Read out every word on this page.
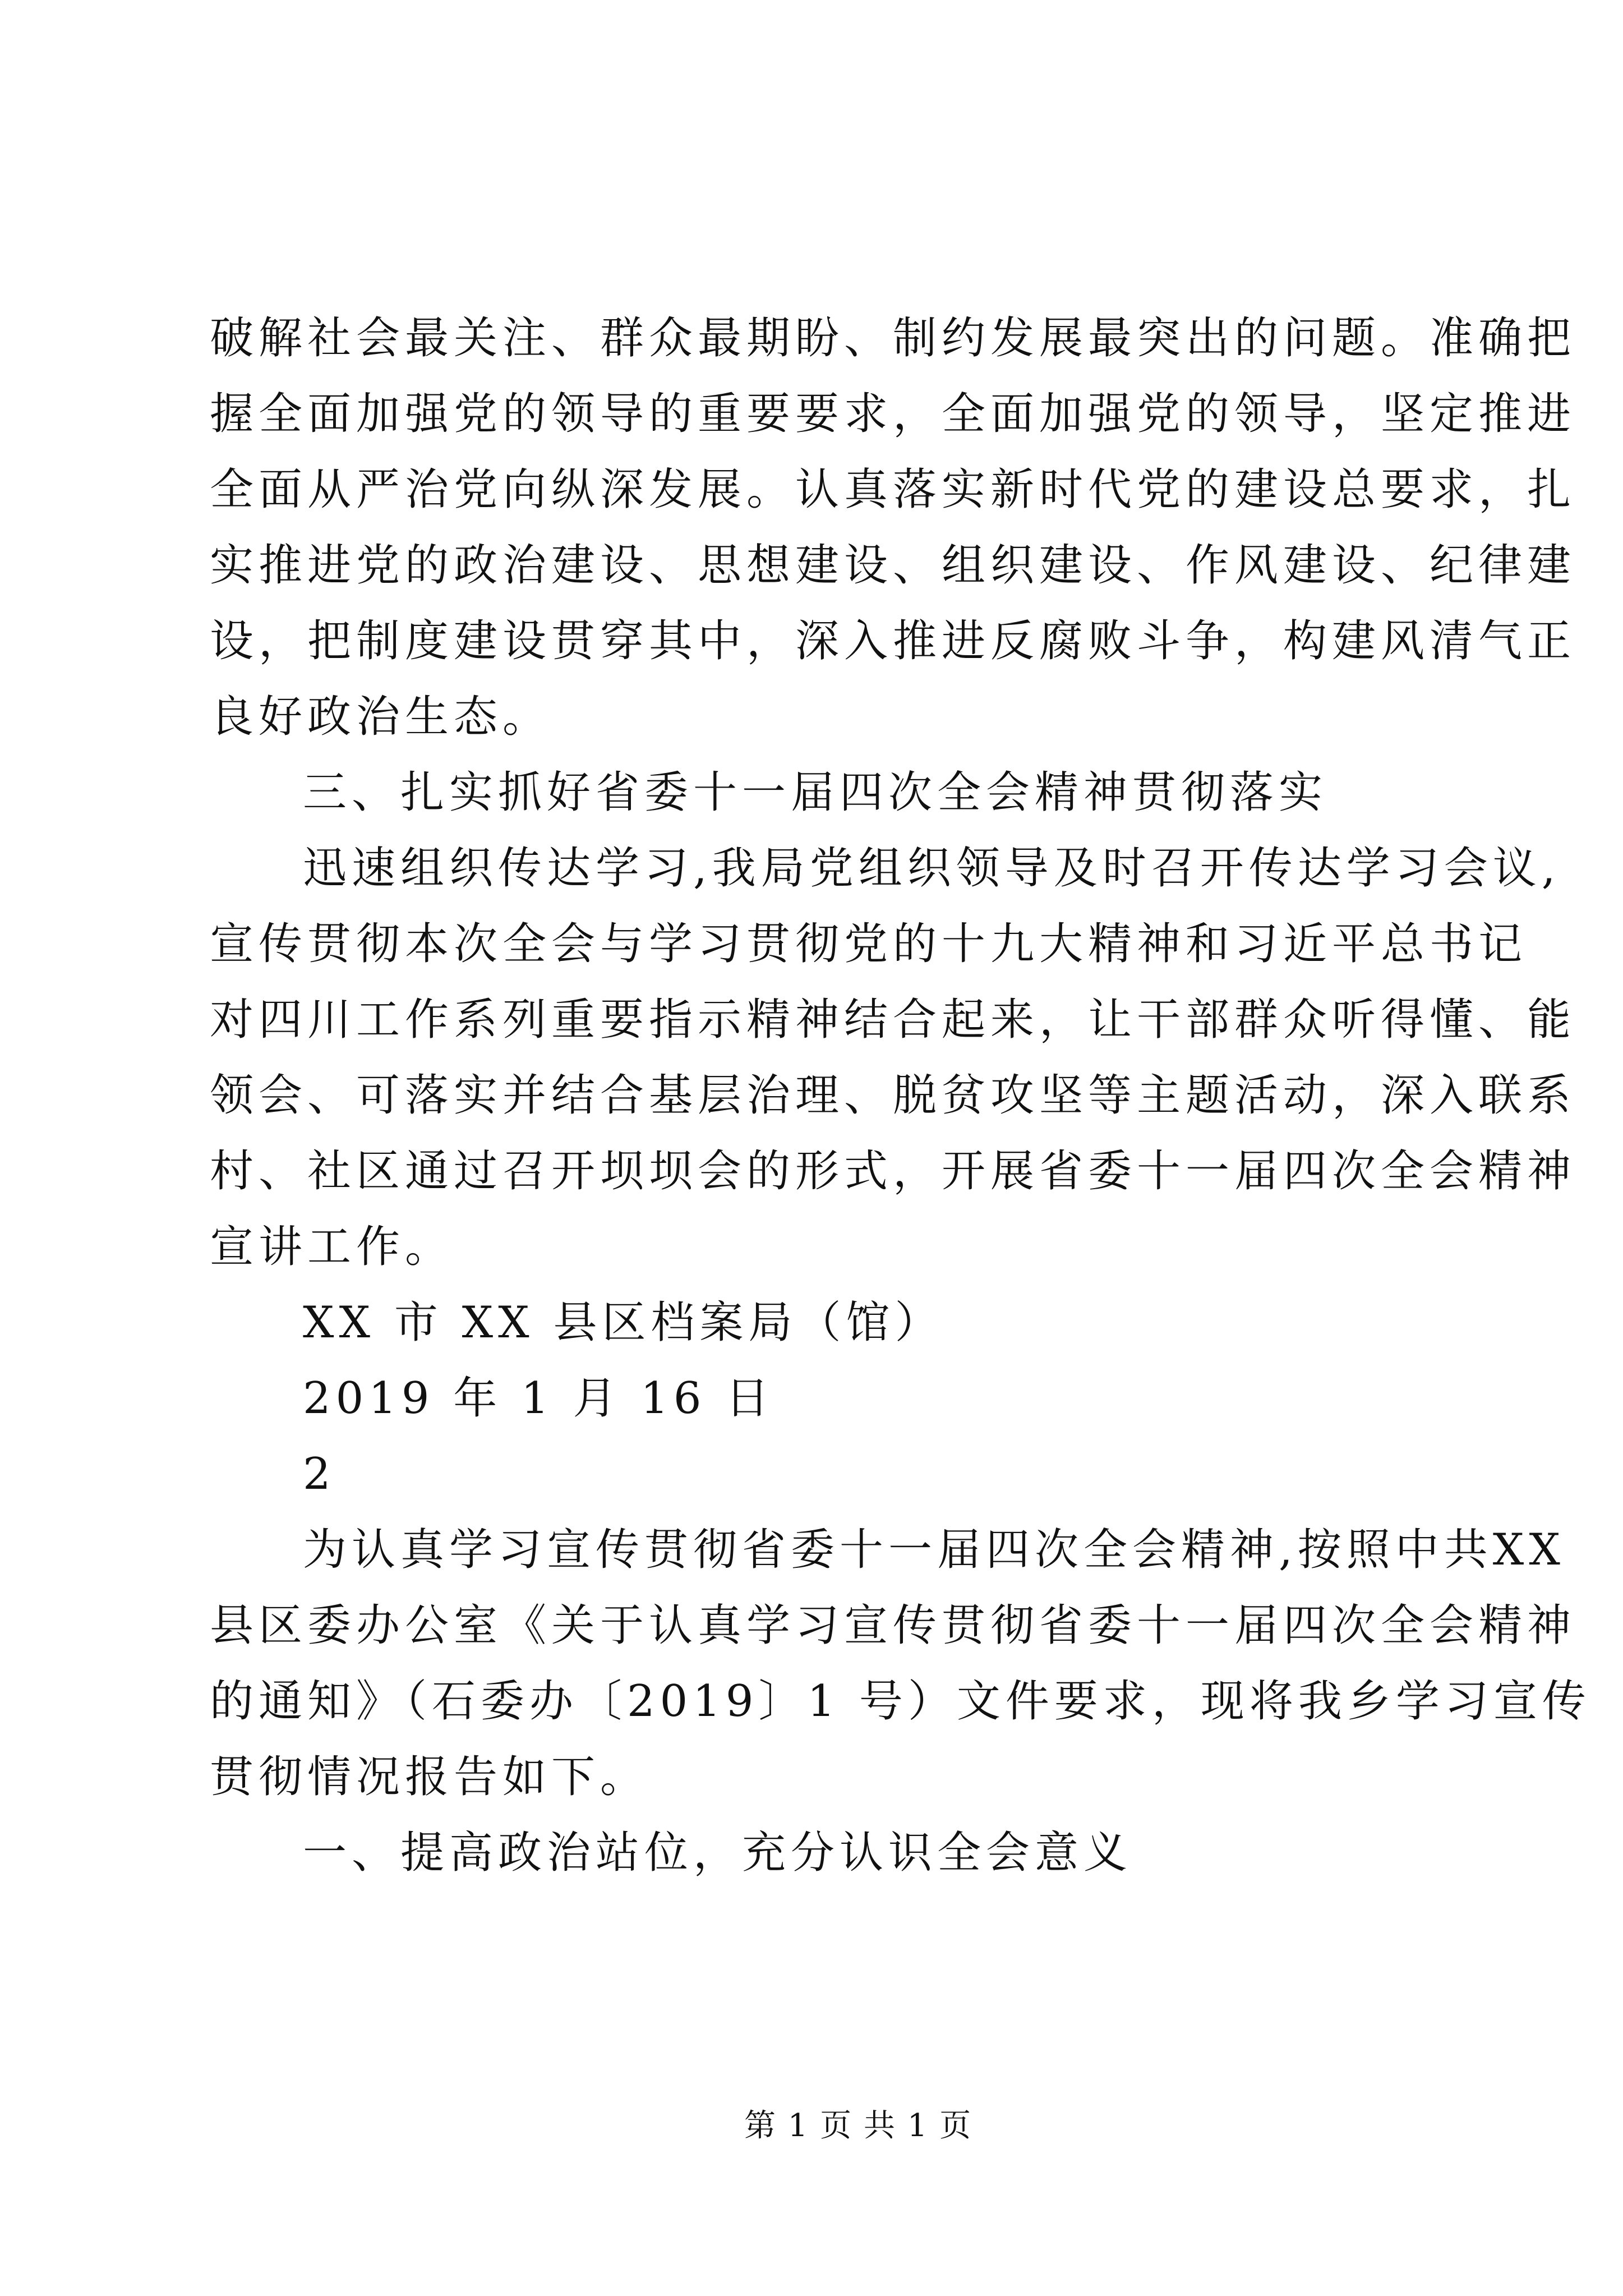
破解社会最关注、群众最期盼、制约发展最突出的问题。准确把
握全面加强党的领导的重要要求，全面加强党的领导，坚定推进
全面从严治党向纵深发展。认真落实新时代党的建设总要求，扎
实推进党的政治建设、思想建设、组织建设、作风建设、纪律建
设，把制度建设贯穿其中，深入推进反腐败斗争，构建风清气正
良好政治生态。
三、扎实抓好省委十一届四次全会精神贯彻落实
迅速组织传达学习,我局党组织领导及时召开传达学习会议,
宣传贯彻本次全会与学习贯彻党的十九大精神和习近平总书记
对四川工作系列重要指示精神结合起来，让干部群众听得懂、能
领会、可落实并结合基层治理、脱贫攻坚等主题活动，深入联系
村、社区通过召开坝坝会的形式，开展省委十一届四次全会精神
宣讲工作。
XX 市 XX 县区档案局（馆）
2019 年 1 月 16 日
2
为认真学习宣传贯彻省委十一届四次全会精神,按照中共XX
县区委办公室《关于认真学习宣传贯彻省委十一届四次全会精神
的通知》（石委办〔2019〕1 号）文件要求，现将我乡学习宣传
贯彻情况报告如下。
一、提高政治站位，充分认识全会意义
第 1 页 共 1 页
